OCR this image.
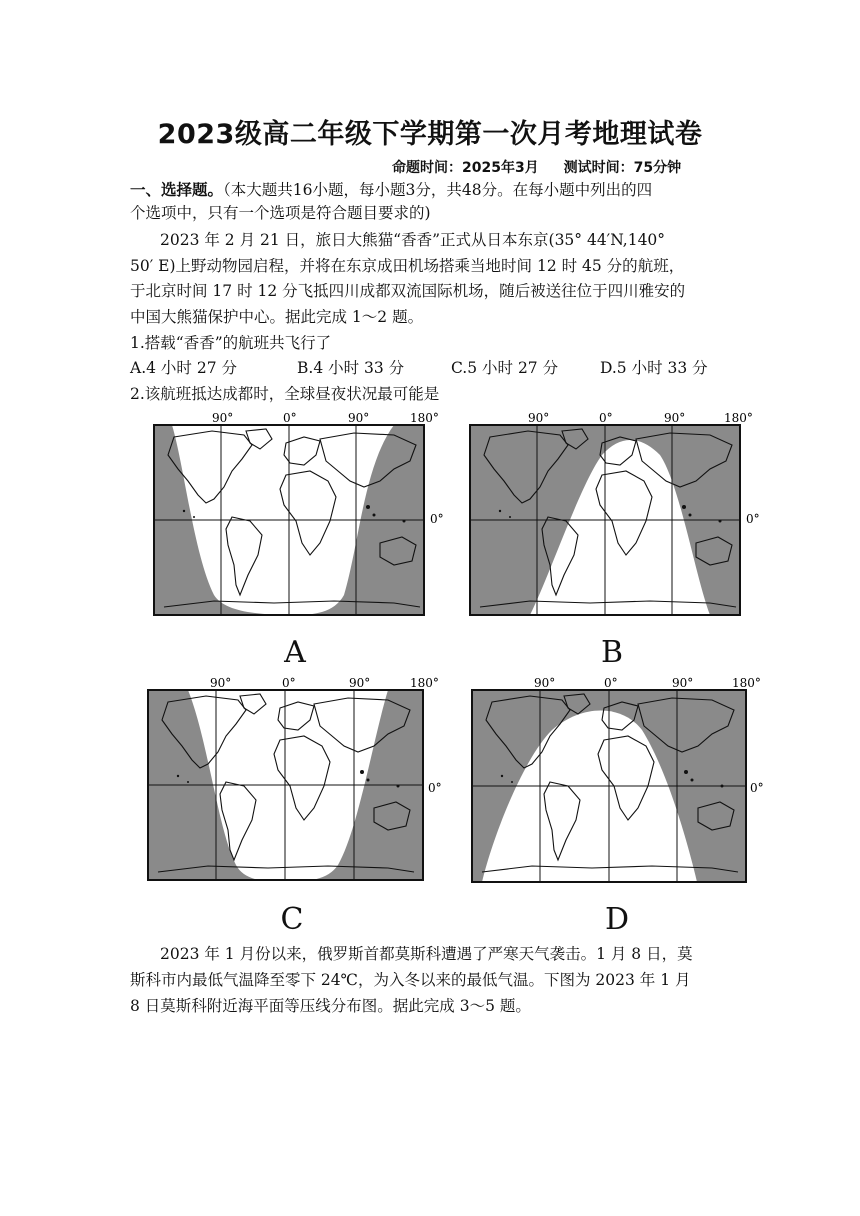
2023级高二年级下学期第一次月考地理试卷
命题时间：2025年3月 测试时间：75分钟
一、选择题。（本大题共16小题，每小题3分，共48分。在每小题中列出的四
个选项中，只有一个选项是符合题目要求的)
2023 年 2 月 21 日，旅日大熊猫“香香”正式从日本东京(35° 44′N,140°
50′ E)上野动物园启程，并将在东京成田机场搭乘当地时间 12 时 45 分的航班，
于北京时间 17 时 12 分飞抵四川成都双流国际机场，随后被送往位于四川雅安的
中国大熊猫保护中心。据此完成 1～2 题。
1.搭载“香香”的航班共飞行了
A.4 小时 27 分	B.4 小时 33 分	C.5 小时 27 分	D.5 小时 33 分
2.该航班抵达成都时，全球昼夜状况最可能是
90°	0°	90°	180°
0°
A
90°	0°	90°	180°
0°
B
90°	0°	90°	180°
0°
C
90°	0°	90°	180°
0°
D
2023 年 1 月份以来，俄罗斯首都莫斯科遭遇了严寒天气袭击。1 月 8 日，莫
斯科市内最低气温降至零下 24℃，为入冬以来的最低气温。下图为 2023 年 1 月
8 日莫斯科附近海平面等压线分布图。据此完成 3～5 题。
